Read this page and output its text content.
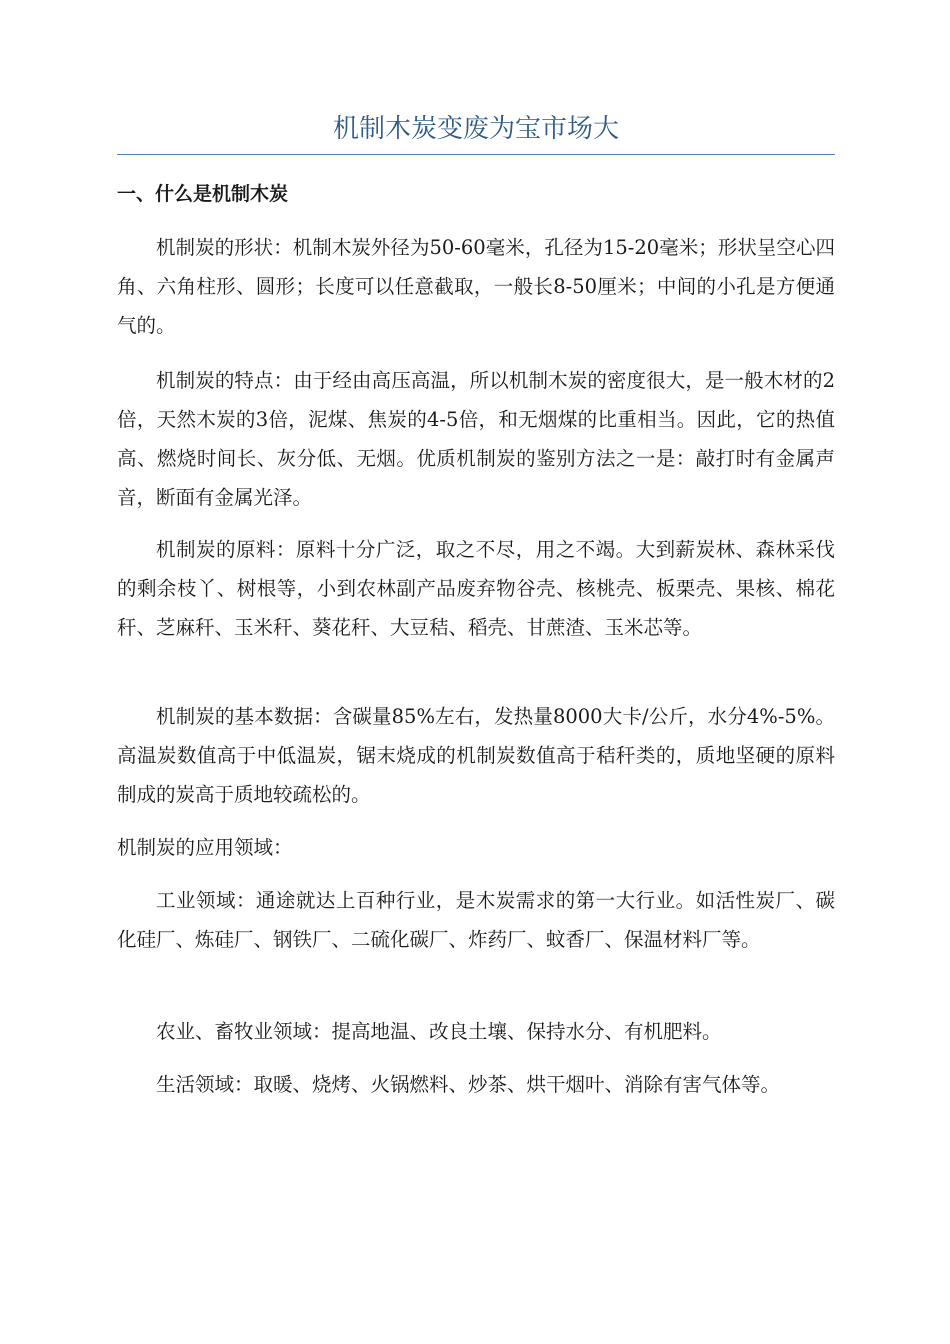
机制木炭变废为宝市场大
一、什么是机制木炭

机制炭的形状：机制木炭外径为50-60毫米，孔径为15-20毫米；形状呈空心四角、六角柱形、圆形；长度可以任意截取，一般长8-50厘米；中间的小孔是方便通气的。

机制炭的特点：由于经由高压高温，所以机制木炭的密度很大，是一般木材的2倍，天然木炭的3倍，泥煤、焦炭的4-5倍，和无烟煤的比重相当。因此，它的热值高、燃烧时间长、灰分低、无烟。优质机制炭的鉴别方法之一是：敲打时有金属声音，断面有金属光泽。

机制炭的原料：原料十分广泛，取之不尽，用之不竭。大到薪炭林、森林采伐的剩余枝丫、树根等，小到农林副产品废弃物谷壳、核桃壳、板栗壳、果核、棉花秆、芝麻秆、玉米秆、葵花秆、大豆秸、稻壳、甘蔗渣、玉米芯等。

机制炭的基本数据：含碳量85%左右，发热量8000大卡/公斤，水分4%-5%。高温炭数值高于中低温炭，锯末烧成的机制炭数值高于秸秆类的，质地坚硬的原料制成的炭高于质地较疏松的。

机制炭的应用领域：

工业领域：通途就达上百种行业，是木炭需求的第一大行业。如活性炭厂、碳化硅厂、炼硅厂、钢铁厂、二硫化碳厂、炸药厂、蚊香厂、保温材料厂等。

农业、畜牧业领域：提高地温、改良土壤、保持水分、有机肥料。

生活领域：取暖、烧烤、火锅燃料、炒茶、烘干烟叶、消除有害气体等。
